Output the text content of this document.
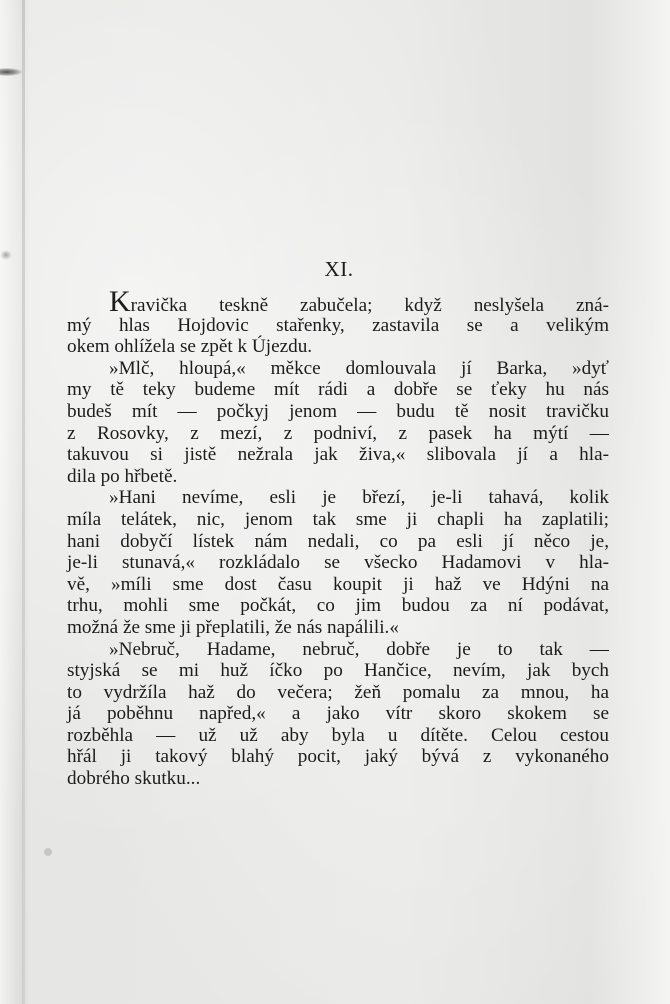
XI.
Kravička teskně zabučela; když neslyšela zná-
mý hlas Hojdovic stařenky, zastavila se a velikým
okem ohlížela se zpět k Újezdu.
»Mlč, hloupá,« měkce domlouvala jí Barka, »dyť
my tě teky budeme mít rádi a dobře se ťeky hu nás
budeš mít — počkyj jenom — budu tě nosit travičku
z Rosovky, z mezí, z podniví, z pasek ha mýtí —
takuvou si jistě nežrala jak živa,« slibovala jí a hla-
dila po hřbetě.
»Hani nevíme, esli je březí, je-li tahavá, kolik
míla telátek, nic, jenom tak sme ji chapli ha zaplatili;
hani dobyčí lístek nám nedali, co pa esli jí něco je,
je-li stunavá,« rozkládalo se všecko Hadamovi v hla-
vě, »míli sme dost času koupit ji haž ve Hdýni na
trhu, mohli sme počkát, co jim budou za ní podávat,
možná že sme ji přeplatili, že nás napálili.«
»Nebruč, Hadame, nebruč, dobře je to tak —
styjská se mi huž íčko po Hančice, nevím, jak bych
to vydržíla haž do večera; žeň pomalu za mnou, ha
já poběhnu napřed,« a jako vítr skoro skokem se
rozběhla — už už aby byla u dítěte. Celou cestou
hřál ji takový blahý pocit, jaký bývá z vykonaného
dobrého skutku...
